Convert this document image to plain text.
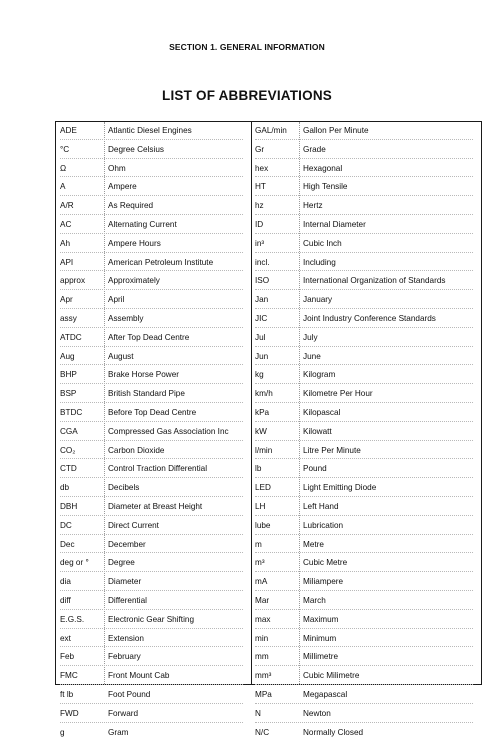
SECTION 1. GENERAL INFORMATION
LIST OF ABBREVIATIONS
ADE	Atlantic Diesel Engines
°C	Degree Celsius
Ω	Ohm
A	Ampere
A/R	As Required
AC	Alternating Current
Ah	Ampere Hours
API	American Petroleum Institute
approx	Approximately
Apr	April
assy	Assembly
ATDC	After Top Dead Centre
Aug	August
BHP	Brake Horse Power
BSP	British Standard Pipe
BTDC	Before Top Dead Centre
CGA	Compressed Gas Association Inc
CO₂	Carbon Dioxide
CTD	Control Traction Differential
db	Decibels
DBH	Diameter at Breast Height
DC	Direct Current
Dec	December
deg or °	Degree
dia	Diameter
diff	Differential
E.G.S.	Electronic Gear Shifting
ext	Extension
Feb	February
FMC	Front Mount Cab
ft lb	Foot Pound
FWD	Forward
g	Gram
GAL/min	Gallon Per Minute
Gr	Grade
hex	Hexagonal
HT	High Tensile
hz	Hertz
ID	Internal Diameter
in³	Cubic Inch
incl.	Including
ISO	International Organization of Standards
Jan	January
JIC	Joint Industry Conference Standards
Jul	July
Jun	June
kg	Kilogram
km/h	Kilometre Per Hour
kPa	Kilopascal
kW	Kilowatt
l/min	Litre Per Minute
lb	Pound
LED	Light Emitting Diode
LH	Left Hand
lube	Lubrication
m	Metre
m³	Cubic Metre
mA	Miliampere
Mar	March
max	Maximum
min	Minimum
mm	Millimetre
mm³	Cubic Milimetre
MPa	Megapascal
N	Newton
N/C	Normally Closed
